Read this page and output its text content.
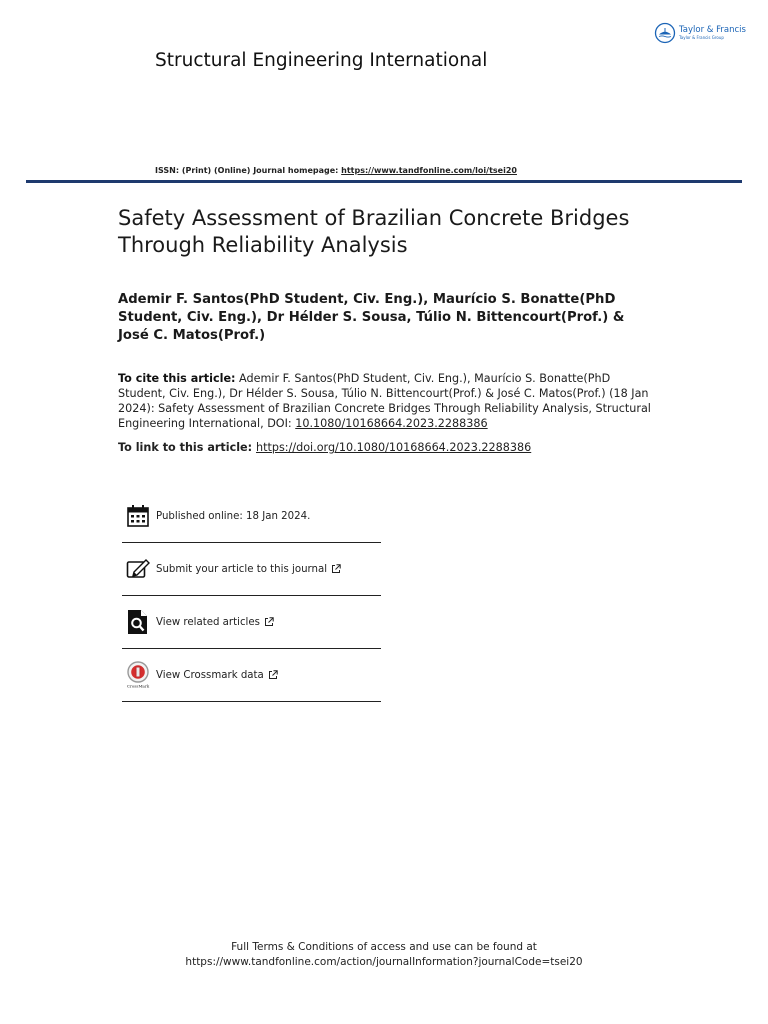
Structural Engineering International
Taylor & Francis
Taylor & Francis Group
ISSN: (Print) (Online) Journal homepage: https://www.tandfonline.com/loi/tsei20
Safety Assessment of Brazilian Concrete Bridges Through Reliability Analysis
Ademir F. Santos(PhD Student, Civ. Eng.), Maurício S. Bonatte(PhD Student, Civ. Eng.), Dr Hélder S. Sousa, Túlio N. Bittencourt(Prof.) & José C. Matos(Prof.)
To cite this article: Ademir F. Santos(PhD Student, Civ. Eng.), Maurício S. Bonatte(PhD Student, Civ. Eng.), Dr Hélder S. Sousa, Túlio N. Bittencourt(Prof.) & José C. Matos(Prof.) (18 Jan 2024): Safety Assessment of Brazilian Concrete Bridges Through Reliability Analysis, Structural Engineering International, DOI: 10.1080/10168664.2023.2288386
To link to this article: https://doi.org/10.1080/10168664.2023.2288386
Published online: 18 Jan 2024.
Submit your article to this journal
View related articles
CrossMark
View Crossmark data
Full Terms & Conditions of access and use can be found at
https://www.tandfonline.com/action/journalInformation?journalCode=tsei20
